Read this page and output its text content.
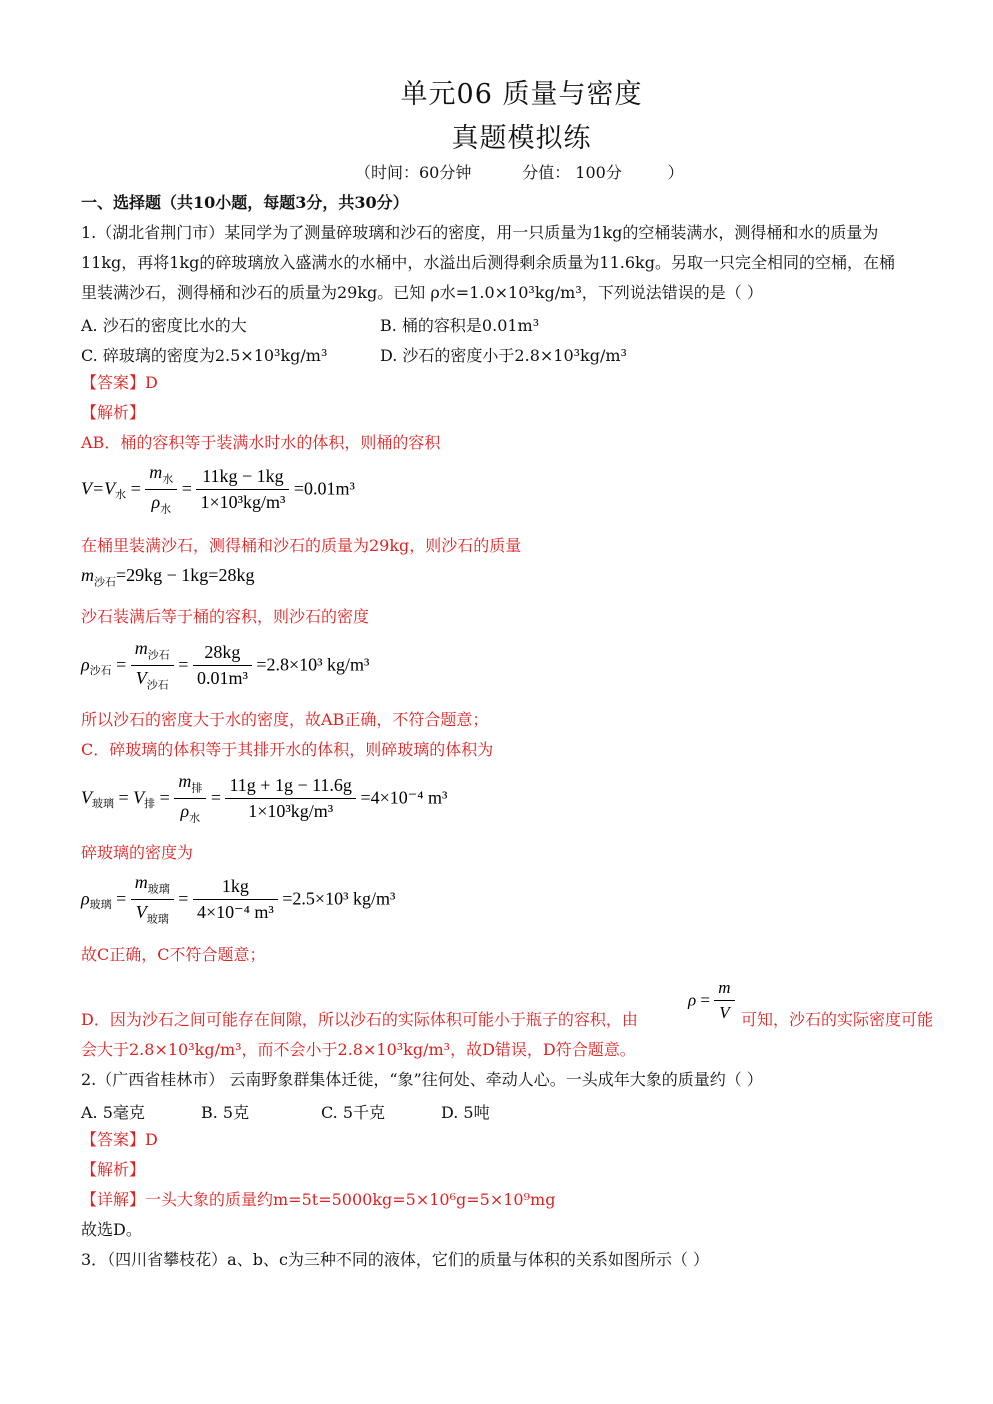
单元06 质量与密度
真题模拟练
（时间：60分钟          分值： 100分         ）
一、选择题（共10小题，每题3分，共30分）
1.（湖北省荆门市）某同学为了测量碎玻璃和沙石的密度，用一只质量为1kg的空桶装满水，测得桶和水的质量为
11kg，再将1kg的碎玻璃放入盛满水的水桶中，水溢出后测得剩余质量为11.6kg。另取一只完全相同的空桶，在桶
里装满沙石，测得桶和沙石的质量为29kg。已知 ρ水=1.0×10³kg/m³，下列说法错误的是（ ）
A. 沙石的密度比水的大	B. 桶的容积是0.01m³
C. 碎玻璃的密度为2.5×10³kg/m³	D. 沙石的密度小于2.8×10³kg/m³
【答案】D
【解析】
AB．桶的容积等于装满水时水的体积，则桶的容积
$V=V_水 = \frac{m_水}{\rho_水} = \frac{11kg - 1kg}{\text{1×10³kg/m³}} =0.01m^3$
在桶里装满沙石，测得桶和沙石的质量为29kg，则沙石的质量
$m_{沙石}=29kg - 1kg=28kg$
沙石装满后等于桶的容积，则沙石的密度
$\rho_{沙石} = \frac{m_{沙石}}{V_{沙石}} = \frac{28kg}{\text{0.01m³}} =2.8\times 10^3$ kg/m³
所以沙石的密度大于水的密度，故AB正确，不符合题意；
C．碎玻璃的体积等于其排开水的体积，则碎玻璃的体积为
$V_{玻璃} = V_排 = \frac{m_排}{\rho_水} = \frac{11g + 1g - 11.6g}{\text{1×10³kg/m³}} =4\times 10^{-4}$ m³
碎玻璃的密度为
$\rho_{玻璃} = \frac{m_{玻璃}}{V_{玻璃}} = \frac{1kg}{\text{4×10⁻⁴ m³}} =2.5\times 10^3$ kg/m³
故C正确，C不符合题意；
$\rho = \frac{m}{V}$
D．因为沙石之间可能存在间隙，所以沙石的实际体积可能小于瓶子的容积，由	可知，沙石的实际密度可能
会大于2.8×10³kg/m³，而不会小于2.8×10³kg/m³，故D错误，D符合题意。
2.（广西省桂林市） 云南野象群集体迁徙，“象”往何处、牵动人心。一头成年大象的质量约（ ）
A. 5毫克	B. 5克	C. 5千克	D. 5吨
【答案】D
【解析】
【详解】一头大象的质量约m=5t=5000kg=5×10⁶g=5×10⁹mg
故选D。
3．（四川省攀枝花）a、b、c为三种不同的液体，它们的质量与体积的关系如图所示（ ）
